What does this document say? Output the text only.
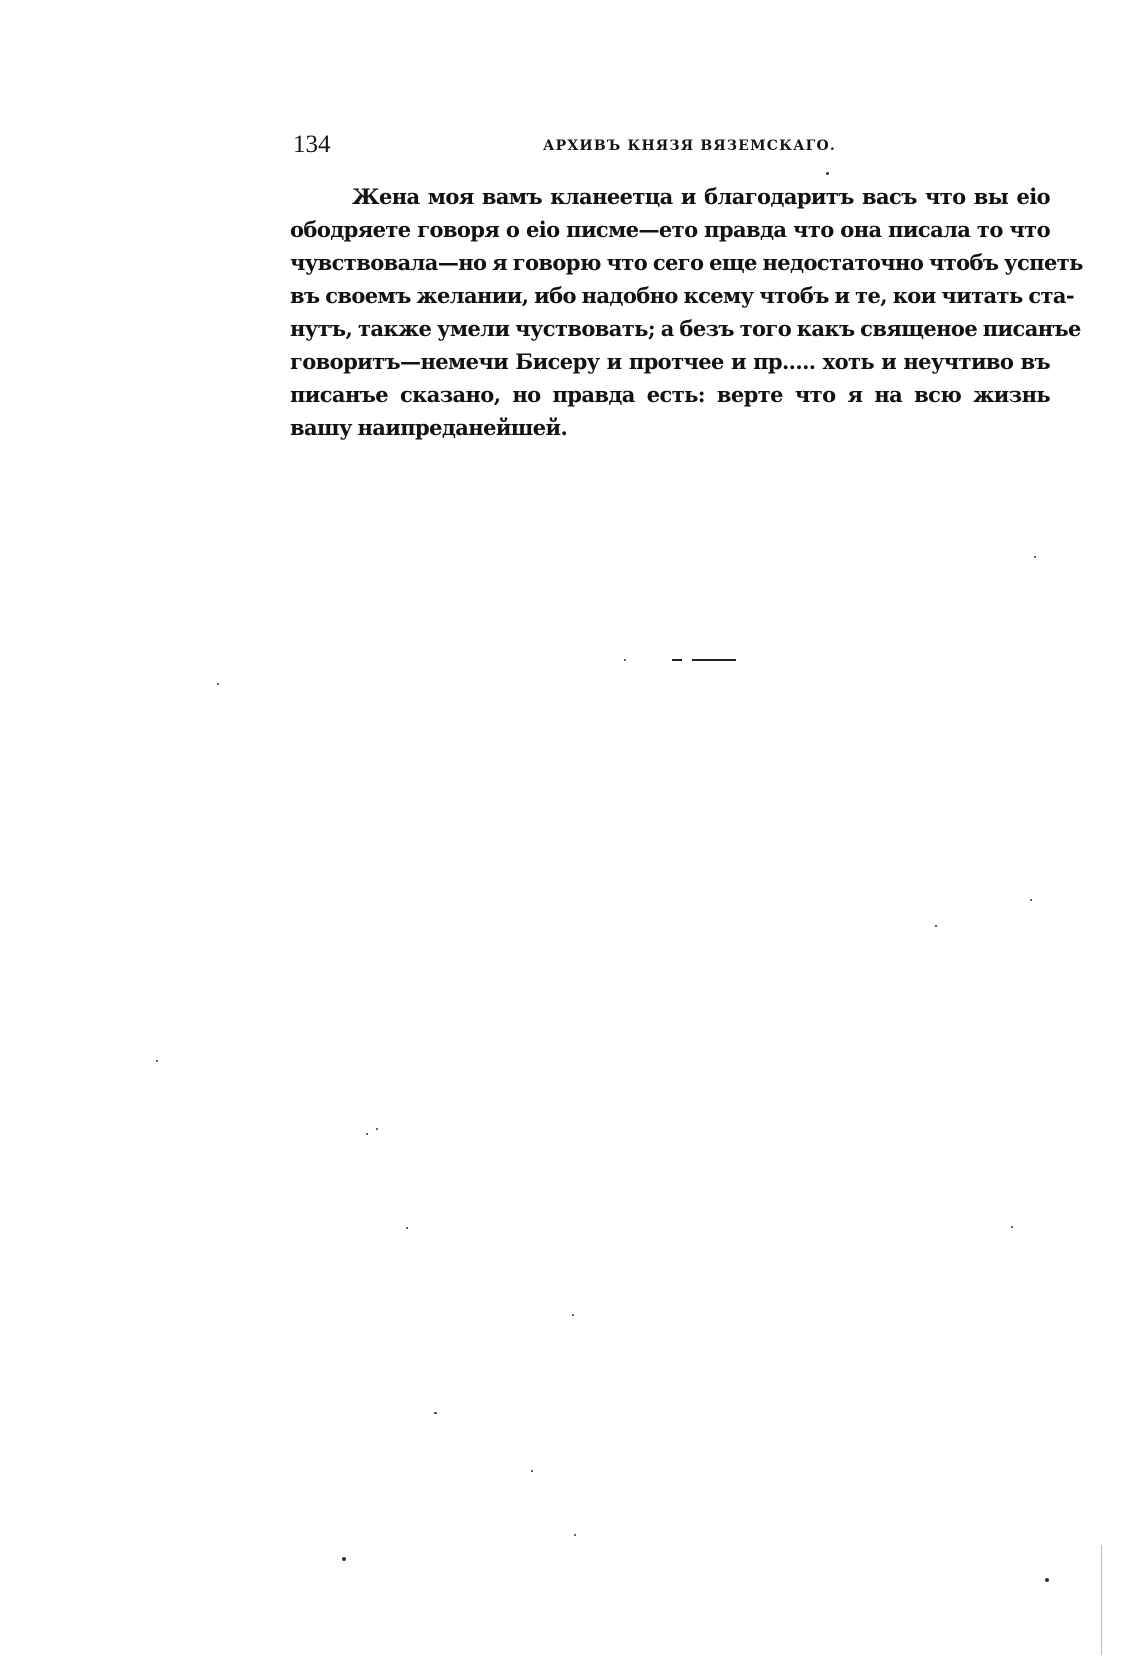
134	АРХИВЪ КНЯЗЯ ВЯЗЕМСКАГО.
Жена моя вамъ кланеетца и благодаритъ васъ что вы еіо
ободряете говоря о еіо писме—ето правда что она писала то что
чувствовала—но я говорю что сего еще недостаточно чтобъ успеть
въ своемъ желании, ибо надобно ксему чтобъ и те, кои читать ста-
нутъ, также умели чуствовать; а безъ того какъ священое писанъе
говоритъ—немечи Бисеру и протчее и пр..... хоть и неучтиво въ
писанъе сказано, но правда есть: верте что я на всю жизнь
вашу наипреданейшей.
